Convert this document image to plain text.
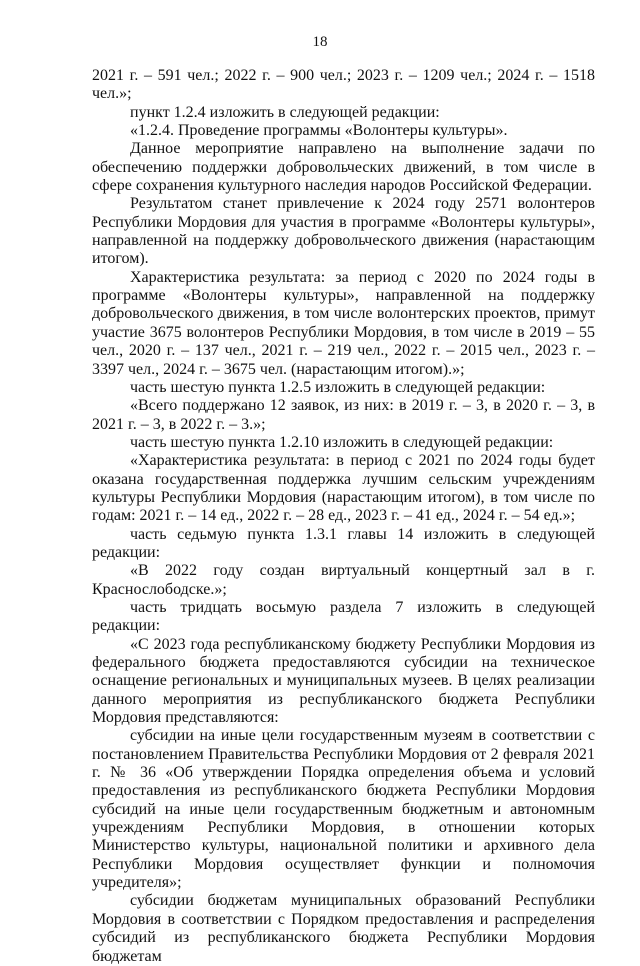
18

2021 г. – 591 чел.; 2022 г. – 900 чел.; 2023 г. – 1209 чел.; 2024 г. – 1518 чел.»;

пункт 1.2.4 изложить в следующей редакции:

«1.2.4. Проведение программы «Волонтеры культуры».

Данное мероприятие направлено на выполнение задачи по обеспечению поддержки добровольческих движений, в том числе в сфере сохранения культурного наследия народов Российской Федерации.

Результатом станет привлечение к 2024 году 2571 волонтеров Республики Мордовия для участия в программе «Волонтеры культуры», направленной на поддержку добровольческого движения (нарастающим итогом).

Характеристика результата: за период с 2020 по 2024 годы в программе «Волонтеры культуры», направленной на поддержку добровольческого движения, в том числе волонтерских проектов, примут участие 3675 волонтеров Республики Мордовия, в том числе в 2019 – 55 чел., 2020 г. – 137 чел., 2021 г. – 219 чел., 2022 г. – 2015 чел., 2023 г. – 3397 чел., 2024 г. – 3675 чел. (нарастающим итогом).»;

часть шестую пункта 1.2.5 изложить в следующей редакции:

«Всего поддержано 12 заявок, из них: в 2019 г. – 3, в 2020 г. – 3, в 2021 г. – 3, в 2022 г. – 3.»;

часть шестую пункта 1.2.10 изложить в следующей редакции:

«Характеристика результата: в период с 2021 по 2024 годы будет оказана государственная поддержка лучшим сельским учреждениям культуры Республики Мордовия (нарастающим итогом), в том числе по годам: 2021 г. – 14 ед., 2022 г. – 28 ед., 2023 г. – 41 ед., 2024 г. – 54 ед.»;

часть седьмую пункта 1.3.1 главы 14 изложить в следующей редакции:

«В 2022 году создан виртуальный концертный зал в г. Краснослободске.»;

часть тридцать восьмую раздела 7 изложить в следующей редакции:

«С 2023 года республиканскому бюджету Республики Мордовия из федерального бюджета предоставляются субсидии на техническое оснащение региональных и муниципальных музеев. В целях реализации данного мероприятия из республиканского бюджета Республики Мордовия представляются:

субсидии на иные цели государственным музеям в соответствии с постановлением Правительства Республики Мордовия от 2 февраля 2021 г. № 36 «Об утверждении Порядка определения объема и условий предоставления из республиканского бюджета Республики Мордовия субсидий на иные цели государственным бюджетным и автономным учреждениям Республики Мордовия, в отношении которых Министерство культуры, национальной политики и архивного дела Республики Мордовия осуществляет функции и полномочия учредителя»;

субсидии бюджетам муниципальных образований Республики Мордовия в соответствии с Порядком предоставления и распределения субсидий из республиканского бюджета Республики Мордовия бюджетам
